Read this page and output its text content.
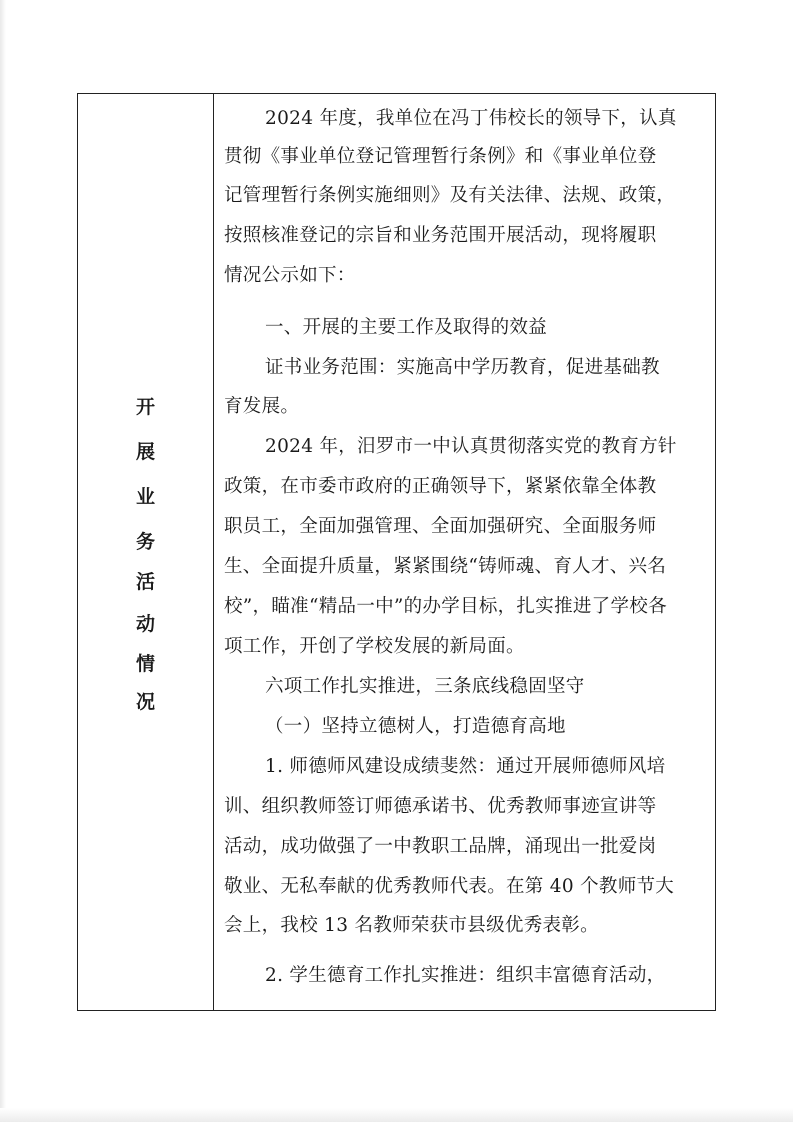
开
展
业
务
活
动
情
况
2024 年度，我单位在冯丁伟校长的领导下，认真
贯彻《事业单位登记管理暂行条例》和《事业单位登
记管理暂行条例实施细则》及有关法律、法规、政策，
按照核准登记的宗旨和业务范围开展活动，现将履职
情况公示如下：
一、开展的主要工作及取得的效益
证书业务范围：实施高中学历教育，促进基础教
育发展。
2024 年，汨罗市一中认真贯彻落实党的教育方针
政策，在市委市政府的正确领导下，紧紧依靠全体教
职员工，全面加强管理、全面加强研究、全面服务师
生、全面提升质量，紧紧围绕“铸师魂、育人才、兴名
校”，瞄准“精品一中”的办学目标，扎实推进了学校各
项工作，开创了学校发展的新局面。
六项工作扎实推进，三条底线稳固坚守
（一）坚持立德树人，打造德育高地
1. 师德师风建设成绩斐然：通过开展师德师风培
训、组织教师签订师德承诺书、优秀教师事迹宣讲等
活动，成功做强了一中教职工品牌，涌现出一批爱岗
敬业、无私奉献的优秀教师代表。在第 40 个教师节大
会上，我校 13 名教师荣获市县级优秀表彰。
2. 学生德育工作扎实推进：组织丰富德育活动，
